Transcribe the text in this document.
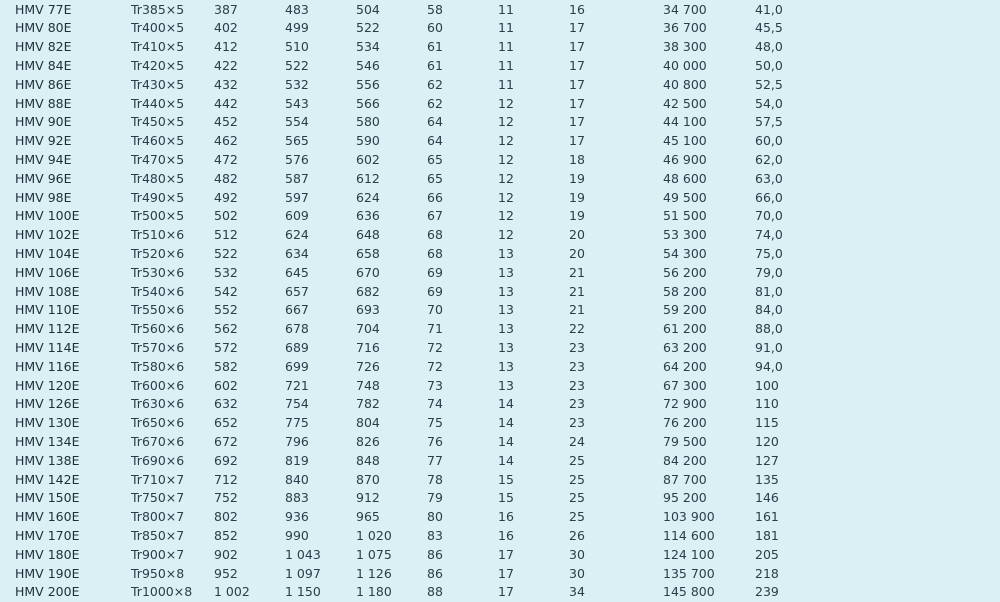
HMV 77E	Tr385×5 387	483	504	58	11	16	34 700	41,0
HMV 80E	Tr400×5 402	499	522	60	11	17	36 700	45,5
HMV 82E	Tr410×5 412	510	534	61	11	17	38 300	48,0
HMV 84E	Tr420×5 422	522	546	61	11	17	40 000	50,0
HMV 86E	Tr430×5 432	532	556	62	11	17	40 800	52,5
HMV 88E	Tr440×5 442	543	566	62	12	17	42 500	54,0
HMV 90E	Tr450×5 452	554	580	64	12	17	44 100	57,5
HMV 92E	Tr460×5 462	565	590	64	12	17	45 100	60,0
HMV 94E	Tr470×5 472	576	602	65	12	18	46 900	62,0
HMV 96E	Tr480×5 482	587	612	65	12	19	48 600	63,0
HMV 98E	Tr490×5 492	597	624	66	12	19	49 500	66,0
HMV 100E	Tr500×5 502	609	636	67	12	19	51 500	70,0
HMV 102E	Tr510×6 512	624	648	68	12	20	53 300	74,0
HMV 104E	Tr520×6 522	634	658	68	13	20	54 300	75,0
HMV 106E	Tr530×6 532	645	670	69	13	21	56 200	79,0
HMV 108E	Tr540×6 542	657	682	69	13	21	58 200	81,0
HMV 110E	Tr550×6 552	667	693	70	13	21	59 200	84,0
HMV 112E	Tr560×6 562	678	704	71	13	22	61 200	88,0
HMV 114E	Tr570×6 572	689	716	72	13	23	63 200	91,0
HMV 116E	Tr580×6 582	699	726	72	13	23	64 200	94,0
HMV 120E	Tr600×6 602	721	748	73	13	23	67 300	100
HMV 126E	Tr630×6 632	754	782	74	14	23	72 900	110
HMV 130E	Tr650×6 652	775	804	75	14	23	76 200	115
HMV 134E	Tr670×6 672	796	826	76	14	24	79 500	120
HMV 138E	Tr690×6 692	819	848	77	14	25	84 200	127
HMV 142E	Tr710×7 712	840	870	78	15	25	87 700	135
HMV 150E	Tr750×7 752	883	912	79	15	25	95 200	146
HMV 160E	Tr800×7 802	936	965	80	16	25	103 900	161
HMV 170E	Tr850×7 852	990	1 020	83	16	26	114 600	181
HMV 180E	Tr900×7 902	1 043	1 075	86	17	30	124 100	205
HMV 190E	Tr950×8 952	1 097	1 126	86	17	30	135 700	218
HMV 200E	Tr1000×8 1 002	1 150	1 180	88	17	34	145 800	239
